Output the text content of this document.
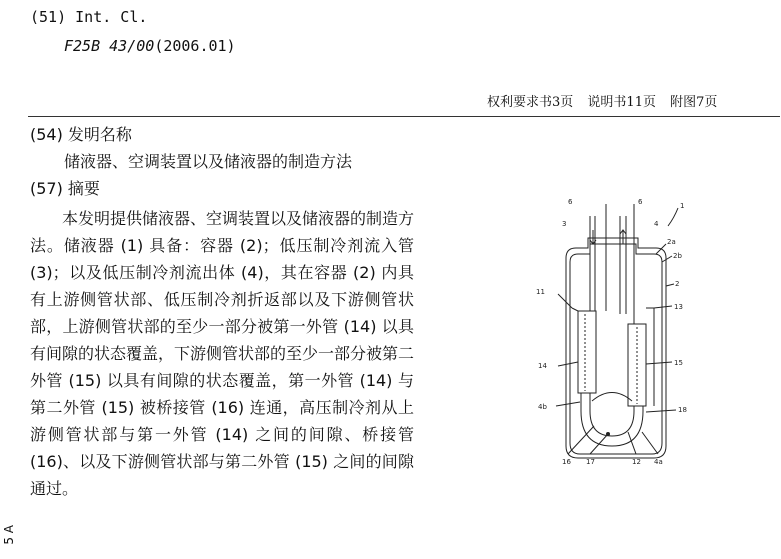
(51) Int. Cl.
F25B 43/00(2006.01)
权利要求书3页 说明书11页 附图7页
(54) 发明名称
储液器、空调装置以及储液器的制造方法
(57) 摘要
本发明提供储液器、空调装置以及储液器的制造方法。储液器 (1) 具备：容器 (2)；低压制冷剂流入管 (3)；以及低压制冷剂流出体 (4)，其在容器 (2) 内具有上游侧管状部、低压制冷剂折返部以及下游侧管状部，上游侧管状部的至少一部分被第一外管 (14) 以具有间隙的状态覆盖，下游侧管状部的至少一部分被第二外管 (15) 以具有间隙的状态覆盖，第一外管 (14) 与第二外管 (15) 被桥接管 (16) 连通，高压制冷剂从上游侧管状部与第一外管 (14) 之间的间隙、桥接管 (16)、以及下游侧管状部与第二外管 (15) 之间的间隙通过。
5 A
6	6
3	4
1
2a
2b
2
11
13
14	15
4b	18
16 17	12 4a
